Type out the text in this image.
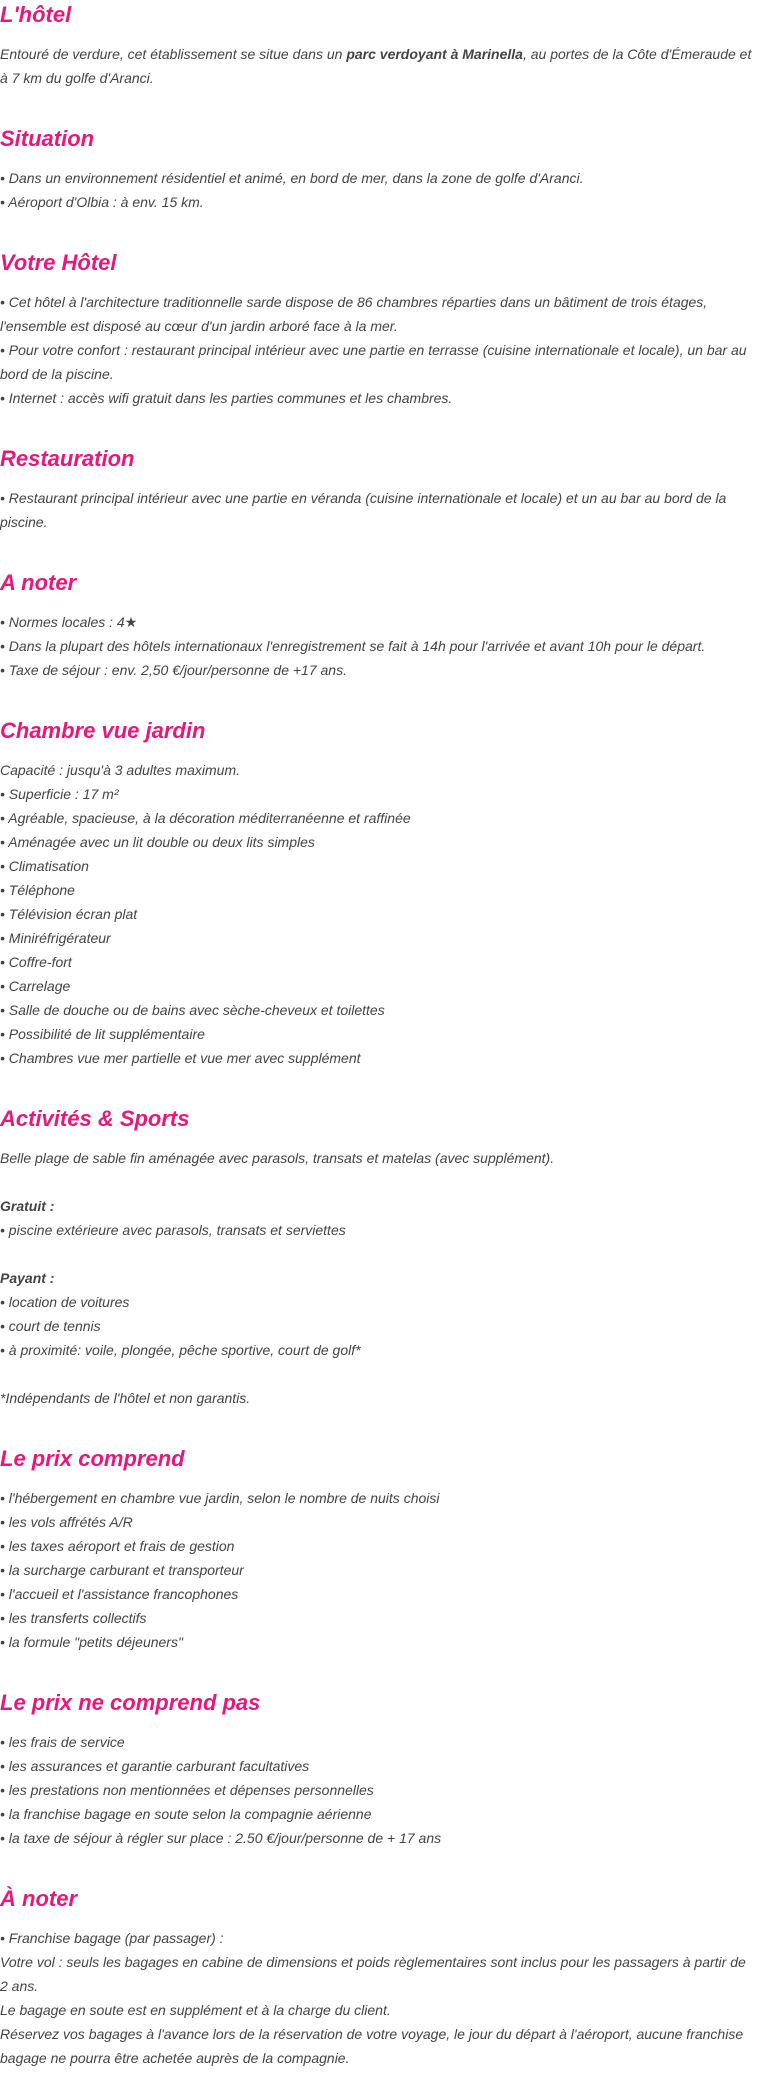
L'hôtel
Entouré de verdure, cet établissement se situe dans un parc verdoyant à Marinella, au portes de la Côte d'Émeraude et à 7 km du golfe d'Aranci.
Situation

• Dans un environnement résidentiel et animé, en bord de mer, dans la zone de golfe d'Aranci.

• Aéroport d'Olbia : à env. 15 km.

Votre Hôtel

• Cet hôtel à l'architecture traditionnelle sarde dispose de 86 chambres réparties dans un bâtiment de trois étages, l'ensemble est disposé au cœur d'un jardin arboré face à la mer.

• Pour votre confort : restaurant principal intérieur avec une partie en terrasse (cuisine internationale et locale), un bar au bord de la piscine.

• Internet : accès wifi gratuit dans les parties communes et les chambres.

Restauration

• Restaurant principal intérieur avec une partie en véranda (cuisine internationale et locale) et un au bar au bord de la piscine.

A noter

• Normes locales : 4★

• Dans la plupart des hôtels internationaux l'enregistrement se fait à 14h pour l'arrivée et avant 10h pour le départ.

• Taxe de séjour : env. 2,50 €/jour/personne de +17 ans.

Chambre vue jardin

Capacité : jusqu'à 3 adultes maximum.

• Superficie : 17 m²

• Agréable, spacieuse, à la décoration méditerranéenne et raffinée

• Aménagée avec un lit double ou deux lits simples

• Climatisation

• Téléphone

• Télévision écran plat

• Miniréfrigérateur

• Coffre-fort

• Carrelage

• Salle de douche ou de bains avec sèche-cheveux et toilettes

• Possibilité de lit supplémentaire

• Chambres vue mer partielle et vue mer avec supplément

Activités & Sports

Belle plage de sable fin aménagée avec parasols, transats et matelas (avec supplément).

Gratuit :

• piscine extérieure avec parasols, transats et serviettes

Payant :

• location de voitures

• court de tennis

• à proximité: voile, plongée, pêche sportive, court de golf*

*Indépendants de l'hôtel et non garantis.

Le prix comprend

• l'hébergement en chambre vue jardin, selon le nombre de nuits choisi

• les vols affrétés A/R

• les taxes aéroport et frais de gestion

• la surcharge carburant et transporteur

• l'accueil et l'assistance francophones

• les transferts collectifs

• la formule "petits déjeuners"

Le prix ne comprend pas

• les frais de service

• les assurances et garantie carburant facultatives

• les prestations non mentionnées et dépenses personnelles

• la franchise bagage en soute selon la compagnie aérienne

• la taxe de séjour à régler sur place : 2.50 €/jour/personne de + 17 ans

À noter

• Franchise bagage (par passager) :

Votre vol : seuls les bagages en cabine de dimensions et poids règlementaires sont inclus pour les passagers à partir de 2 ans.

Le bagage en soute est en supplément et à la charge du client.

Réservez vos bagages à l'avance lors de la réservation de votre voyage, le jour du départ à l'aéroport, aucune franchise bagage ne pourra être achetée auprès de la compagnie.
